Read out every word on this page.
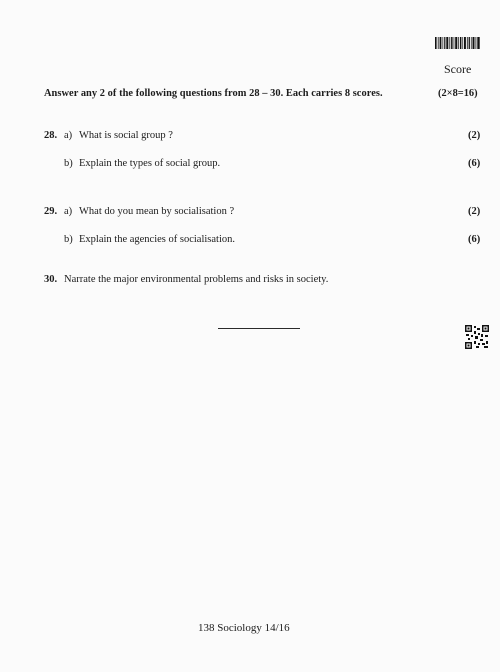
Score
Answer any 2 of the following questions from 28 – 30. Each carries 8 scores.	(2×8=16)
28. a) What is social group ?	(2)
b) Explain the types of social group.	(6)
29. a) What do you mean by socialisation ?	(2)
b) Explain the agencies of socialisation.	(6)
30. Narrate the major environmental problems and risks in society.
138 Sociology 14/16
